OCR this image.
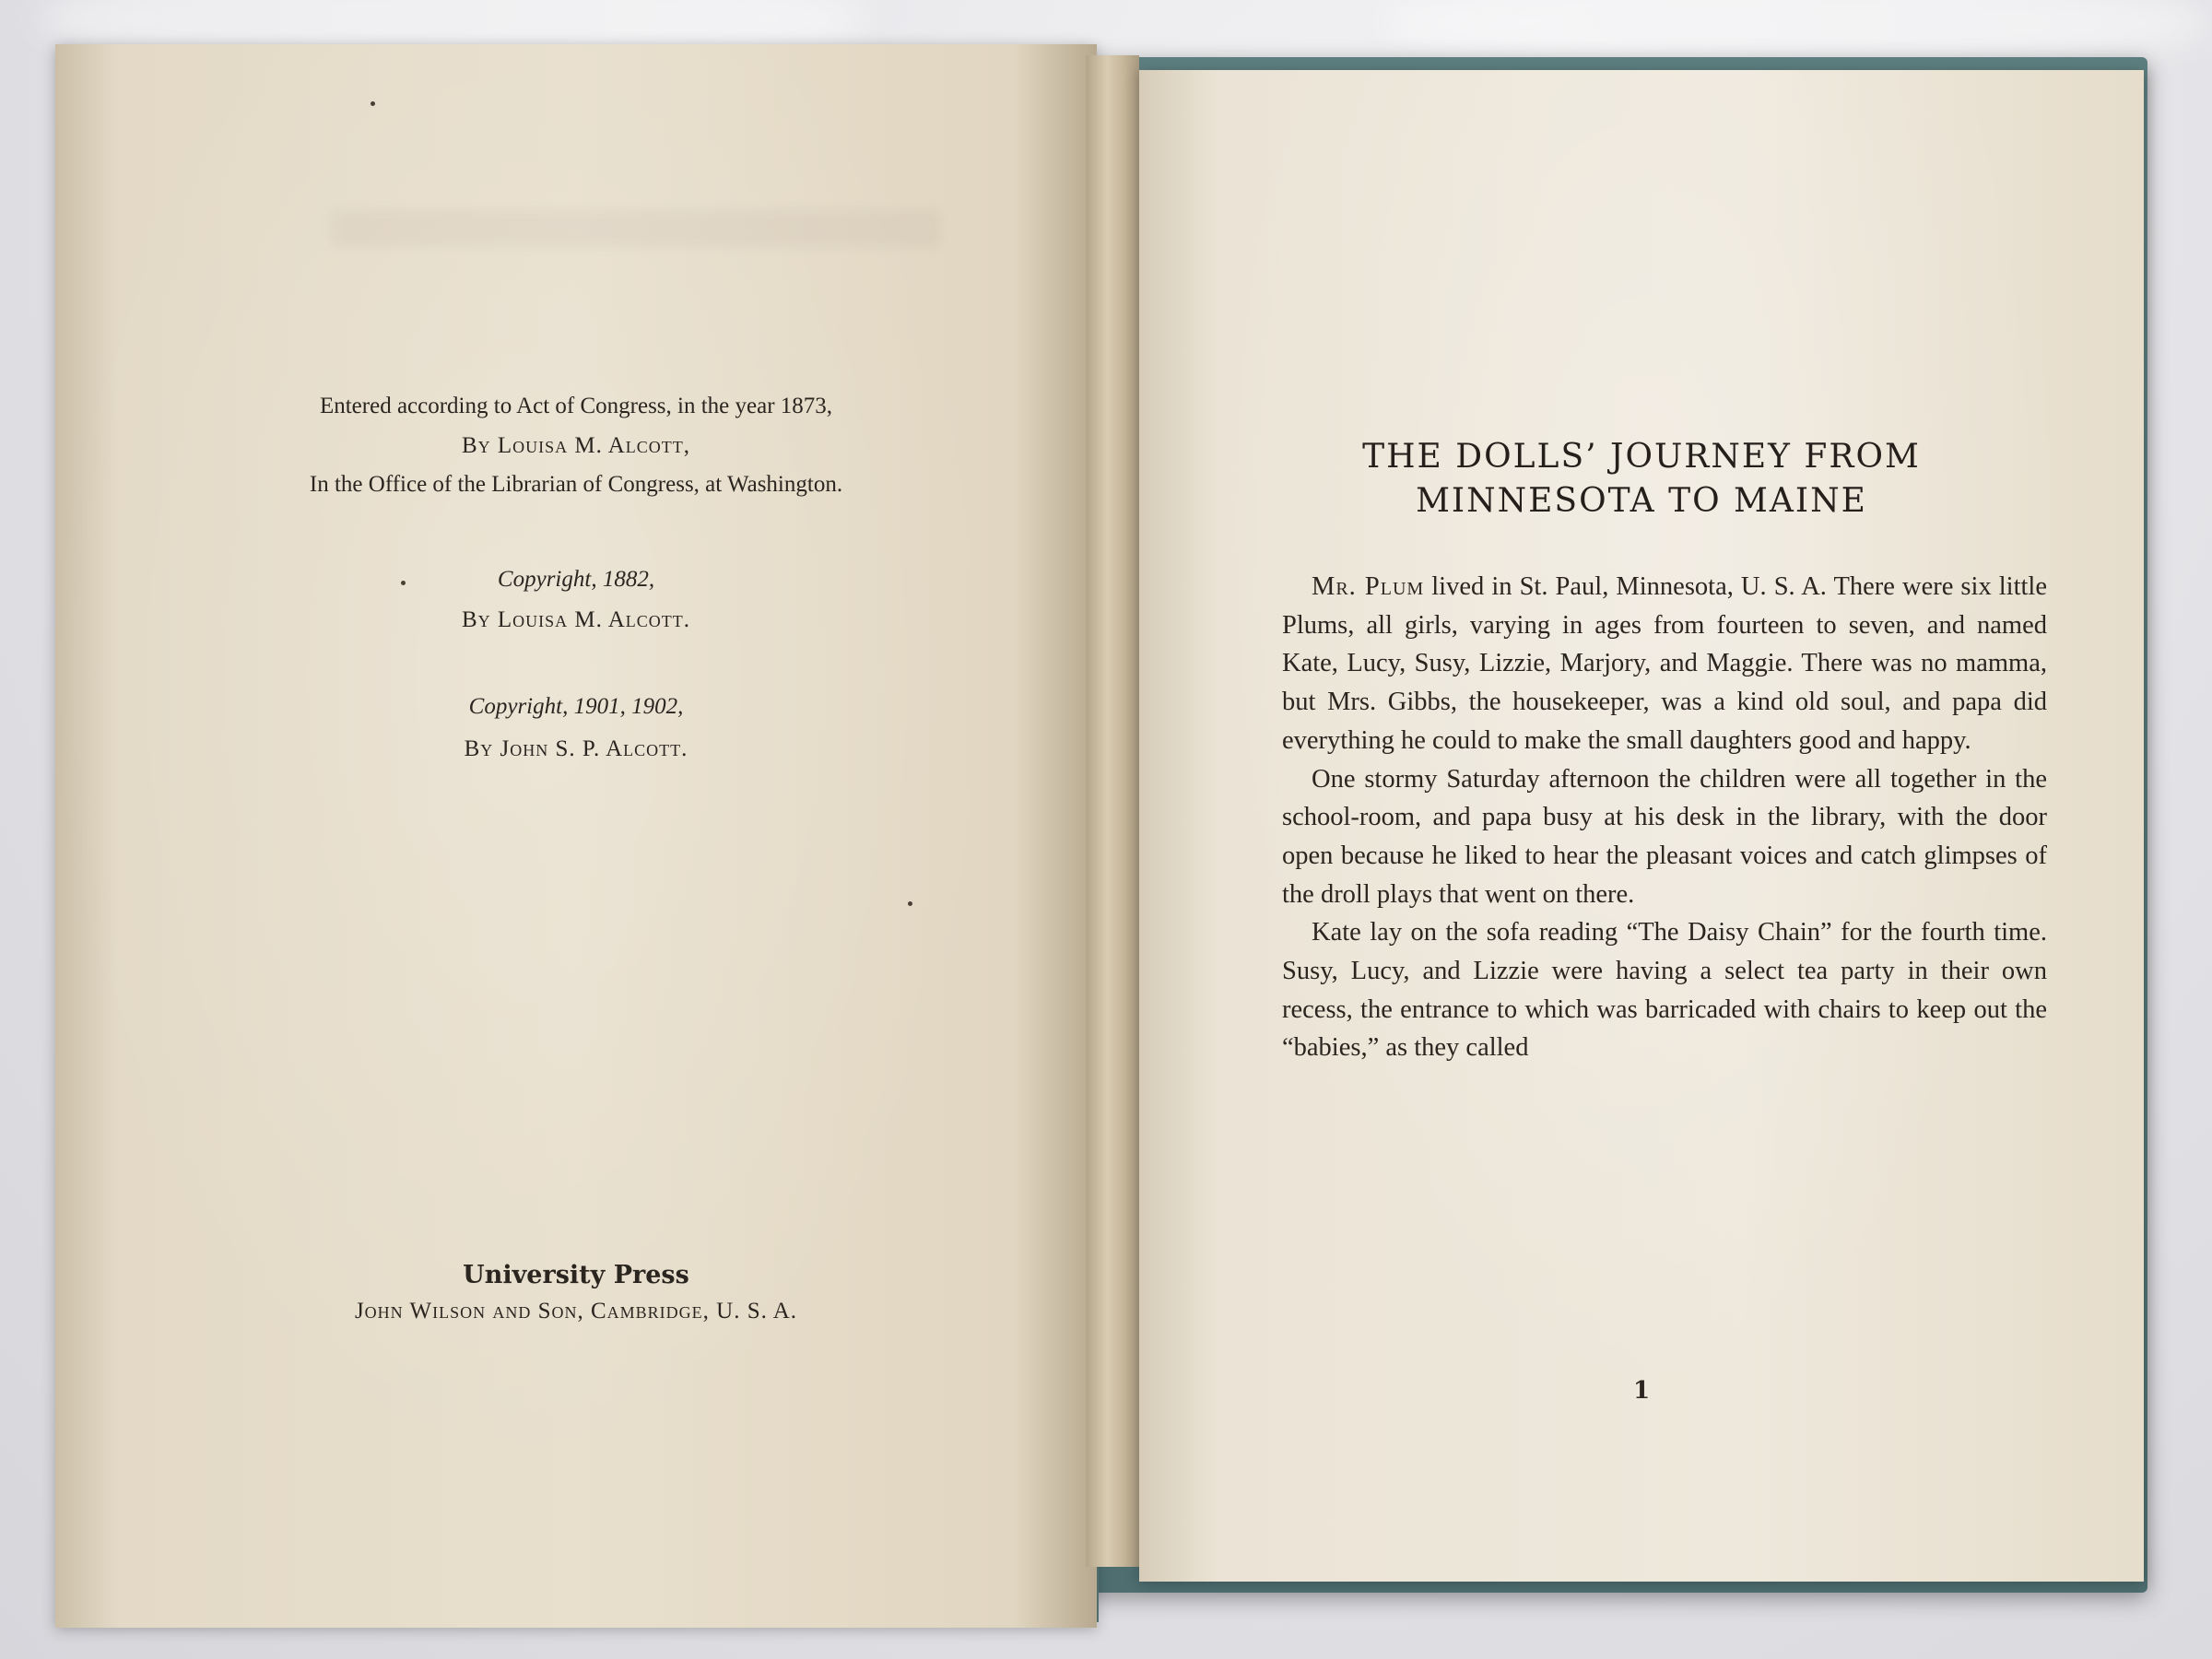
Entered according to Act of Congress, in the year 1873,
By Louisa M. Alcott,
In the Office of the Librarian of Congress, at Washington.
Copyright, 1882,
By Louisa M. Alcott.
Copyright, 1901, 1902,
By John S. P. Alcott.
University Press
John Wilson and Son, Cambridge, U. S. A.
THE DOLLS’ JOURNEY FROM
MINNESOTA TO MAINE

Mr. Plum lived in St. Paul, Minnesota, U. S. A. There were six little Plums, all girls, varying in ages from fourteen to seven, and named Kate, Lucy, Susy, Lizzie, Marjory, and Maggie. There was no mamma, but Mrs. Gibbs, the housekeeper, was a kind old soul, and papa did everything he could to make the small daughters good and happy.

One stormy Saturday afternoon the children were all together in the school-room, and papa busy at his desk in the library, with the door open because he liked to hear the pleasant voices and catch glimpses of the droll plays that went on there.

Kate lay on the sofa reading “The Daisy Chain” for the fourth time. Susy, Lucy, and Lizzie were having a select tea party in their own recess, the entrance to which was barricaded with chairs to keep out the “babies,” as they called

1
